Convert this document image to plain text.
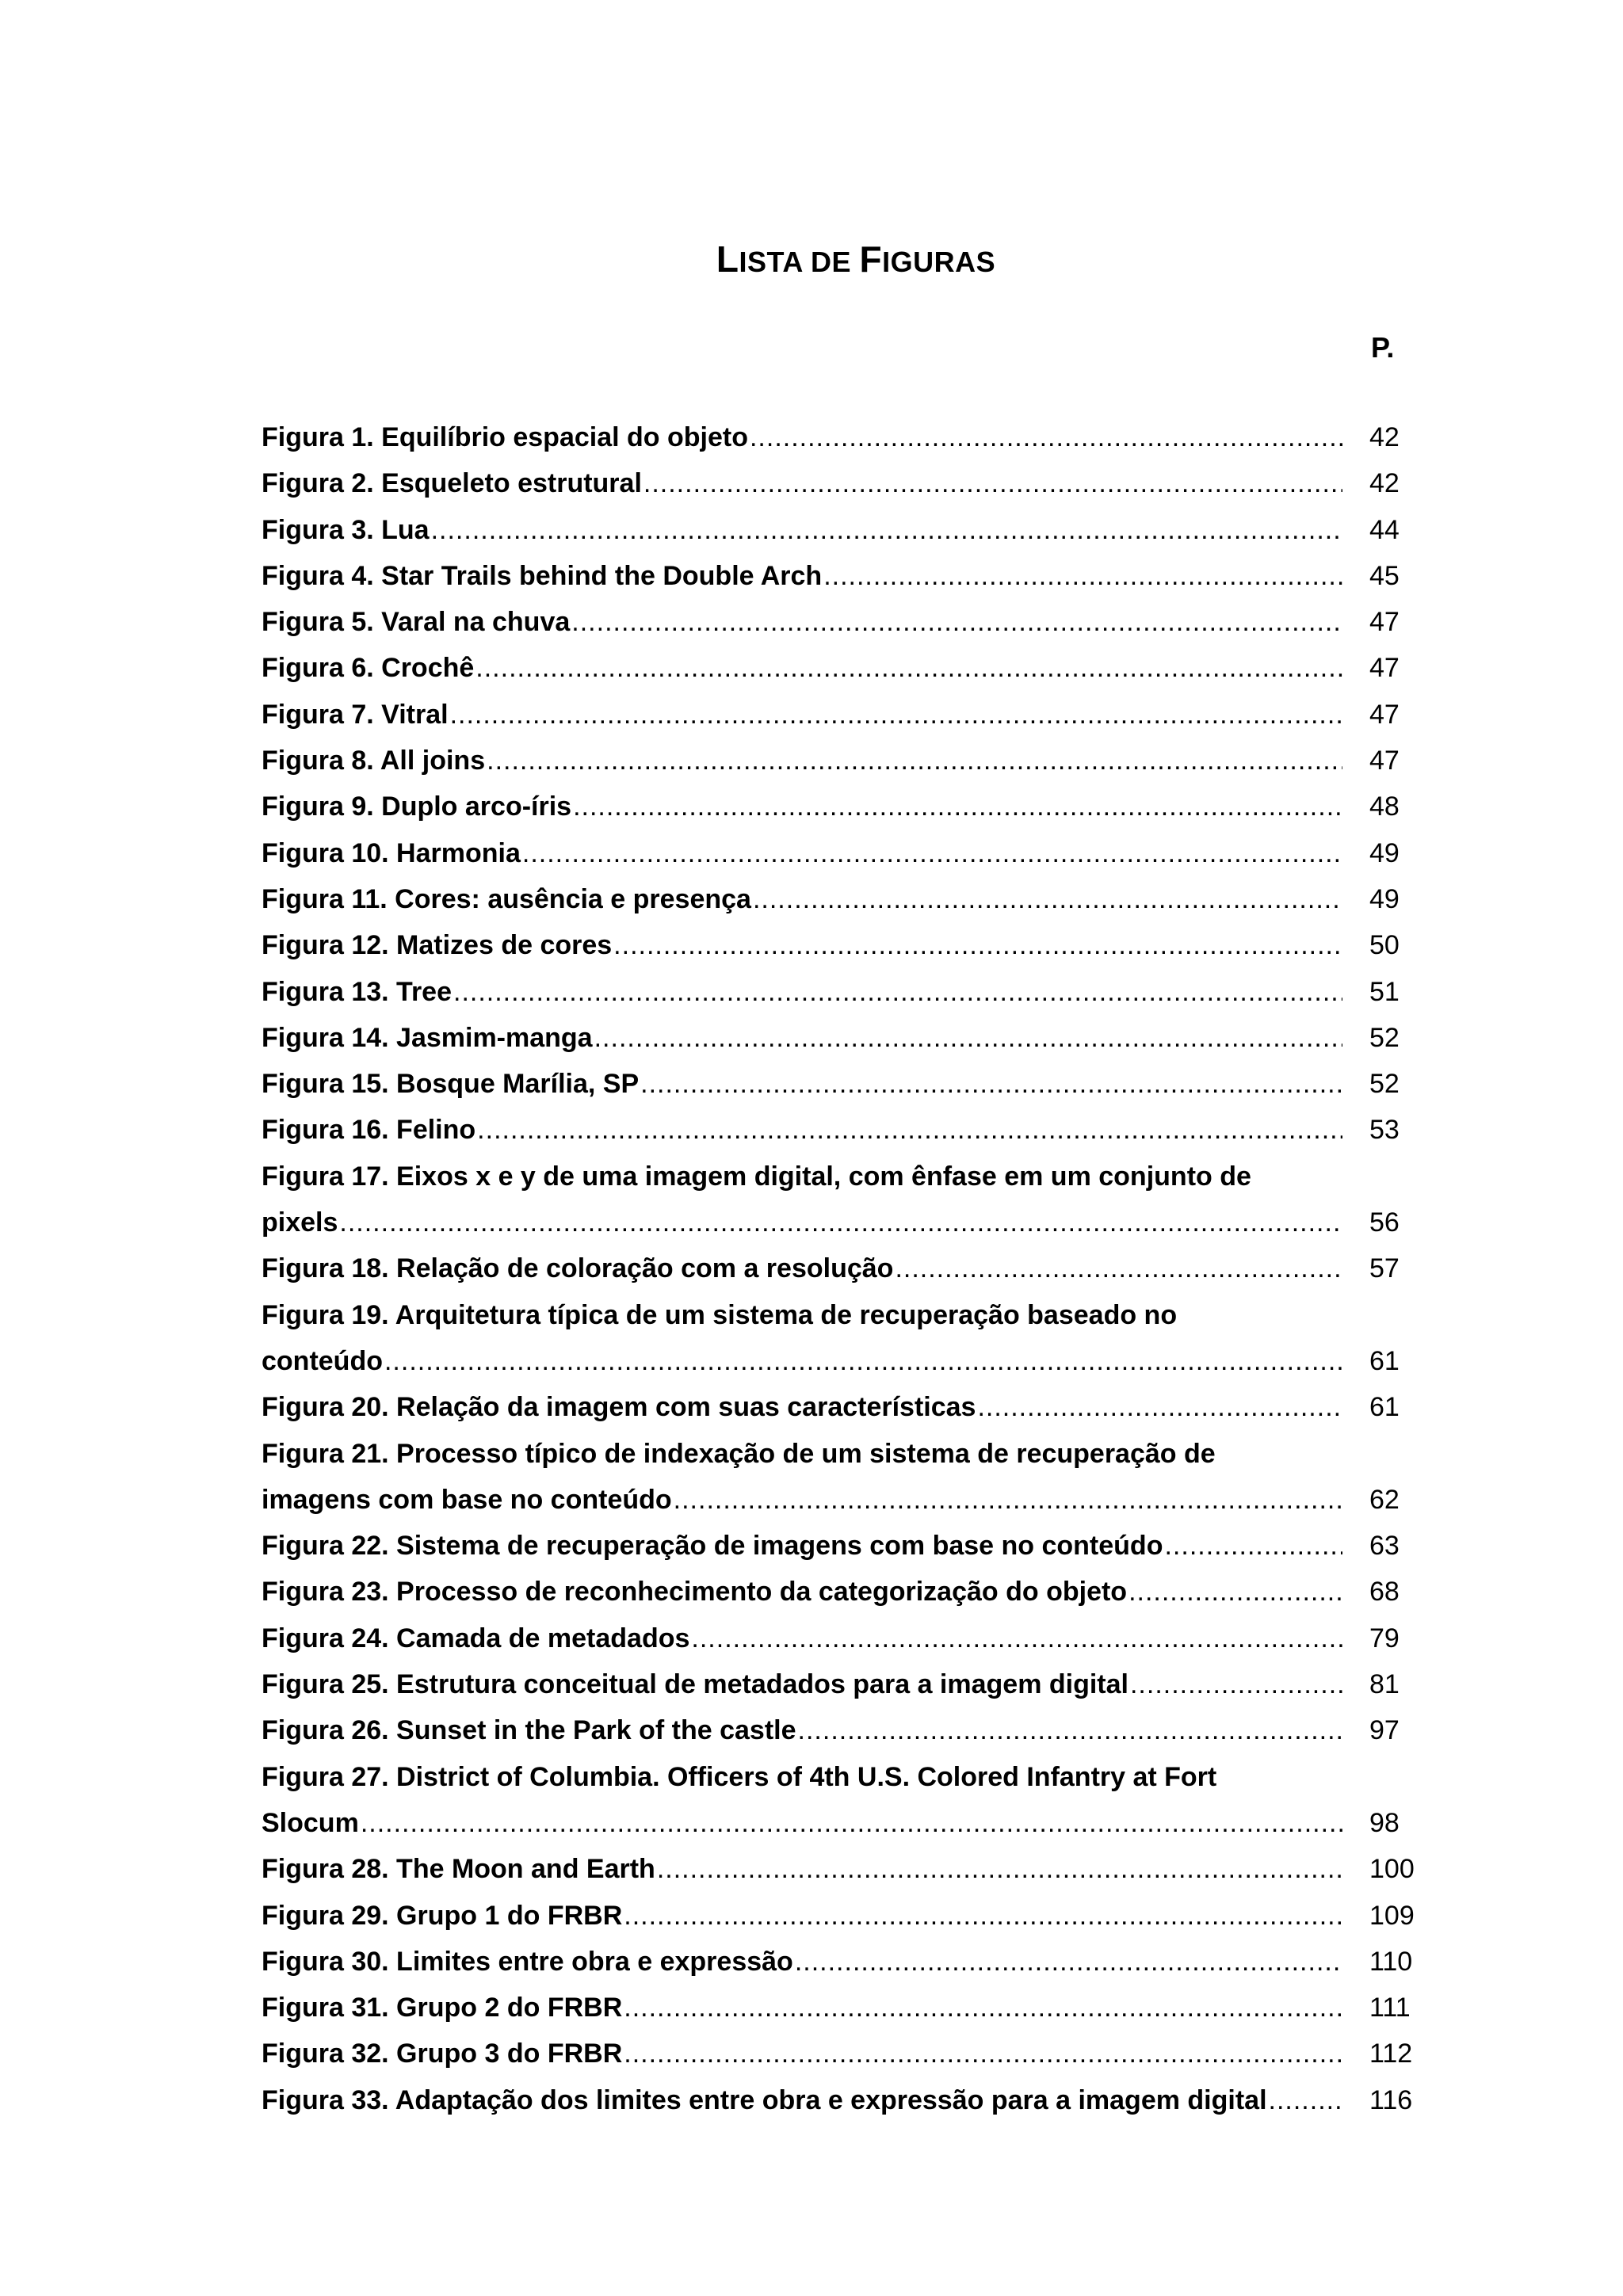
LISTA DE FIGURAS
P.
Figura 1. Equilíbrio espacial do objeto .....	42
Figura 2. Esqueleto estrutural .....	42
Figura 3. Lua .....	44
Figura 4. Star Trails behind the Double Arch .....	45
Figura 5. Varal na chuva .....	47
Figura 6. Crochê .....	47
Figura 7. Vitral .....	47
Figura 8. All joins .....	47
Figura 9. Duplo arco-íris .....	48
Figura 10. Harmonia .....	49
Figura 11. Cores: ausência e presença .....	49
Figura 12. Matizes de cores .....	50
Figura 13. Tree .....	51
Figura 14. Jasmim-manga .....	52
Figura 15. Bosque Marília, SP .....	52
Figura 16. Felino .....	53
Figura 17. Eixos x e y de uma imagem digital, com ênfase em um conjunto de
pixels .....	56
Figura 18. Relação de coloração com a resolução .....	57
Figura 19. Arquitetura típica de um sistema de recuperação baseado no
conteúdo .....	61
Figura 20. Relação da imagem com suas características .....	61
Figura 21. Processo típico de indexação de um sistema de recuperação de
imagens com base no conteúdo .....	62
Figura 22. Sistema de recuperação de imagens com base no conteúdo .....	63
Figura 23. Processo de reconhecimento da categorização do objeto .....	68
Figura 24. Camada de metadados .....	79
Figura 25. Estrutura conceitual de metadados para a imagem digital .....	81
Figura 26. Sunset in the Park of the castle .....	97
Figura 27. District of Columbia. Officers of 4th U.S. Colored Infantry at Fort
Slocum .....	98
Figura 28. The Moon and Earth .....	100
Figura 29. Grupo 1 do FRBR .....	109
Figura 30. Limites entre obra e expressão .....	110
Figura 31. Grupo 2 do FRBR .....	111
Figura 32. Grupo 3 do FRBR .....	112
Figura 33. Adaptação dos limites entre obra e expressão para a imagem digital .....	116
